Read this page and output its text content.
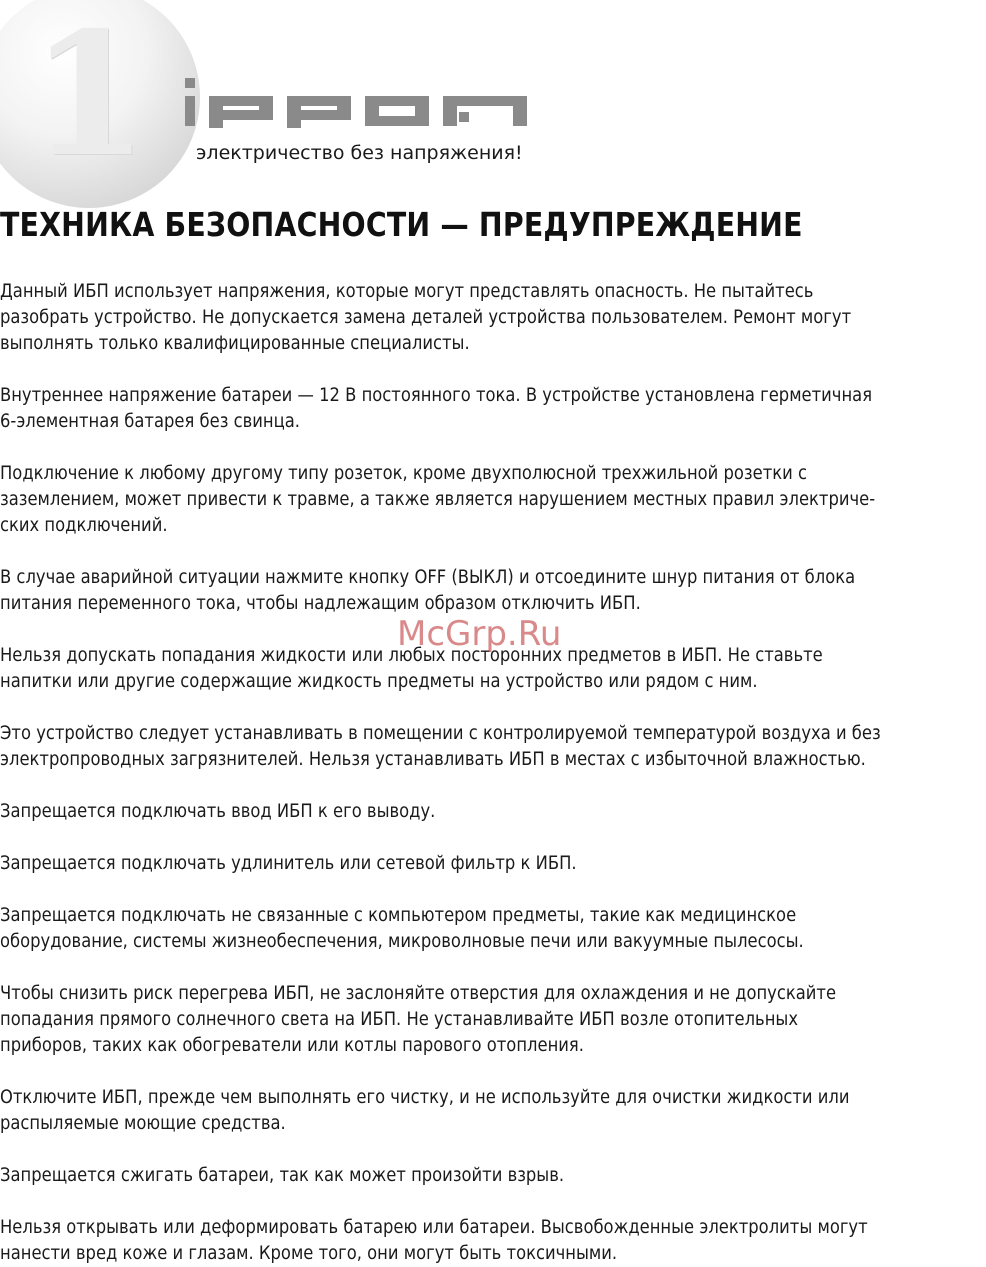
1	электричество без напряжения!
ТЕХНИКА БЕЗОПАСНОСТИ — ПРЕДУПРЕЖДЕНИЕ

Данный ИБП использует напряжения, которые могут представлять опасность. Не пытайтесь
разобрать устройство. Не допускается замена деталей устройства пользователем. Ремонт могут
выполнять только квалифицированные специалисты.

Внутреннее напряжение батареи — 12 В постоянного тока. В устройстве установлена герметичная
6-элементная батарея без свинца.

Подключение к любому другому типу розеток, кроме двухполюсной трехжильной розетки с
заземлением, может привести к травме, а также является нарушением местных правил электриче-
ских подключений.

В случае аварийной ситуации нажмите кнопку OFF (ВЫКЛ) и отсоедините шнур питания от блока
питания переменного тока, чтобы надлежащим образом отключить ИБП.

Нельзя допускать попадания жидкости или любых посторонних предметов в ИБП. Не ставьте
напитки или другие содержащие жидкость предметы на устройство или рядом с ним.

Это устройство следует устанавливать в помещении с контролируемой температурой воздуха и без
электропроводных загрязнителей. Нельзя устанавливать ИБП в местах с избыточной влажностью.

Запрещается подключать ввод ИБП к его выводу.

Запрещается подключать удлинитель или сетевой фильтр к ИБП.

Запрещается подключать не связанные с компьютером предметы, такие как медицинское
оборудование, системы жизнеобеспечения, микроволновые печи или вакуумные пылесосы.

Чтобы снизить риск перегрева ИБП, не заслоняйте отверстия для охлаждения и не допускайте
попадания прямого солнечного света на ИБП. Не устанавливайте ИБП возле отопительных
приборов, таких как обогреватели или котлы парового отопления.

Отключите ИБП, прежде чем выполнять его чистку, и не используйте для очистки жидкости или
распыляемые моющие средства.

Запрещается сжигать батареи, так как может произойти взрыв.

Нельзя открывать или деформировать батарею или батареи. Высвобожденные электролиты могут
нанести вред коже и глазам. Кроме того, они могут быть токсичными.

McGrp.Ru
